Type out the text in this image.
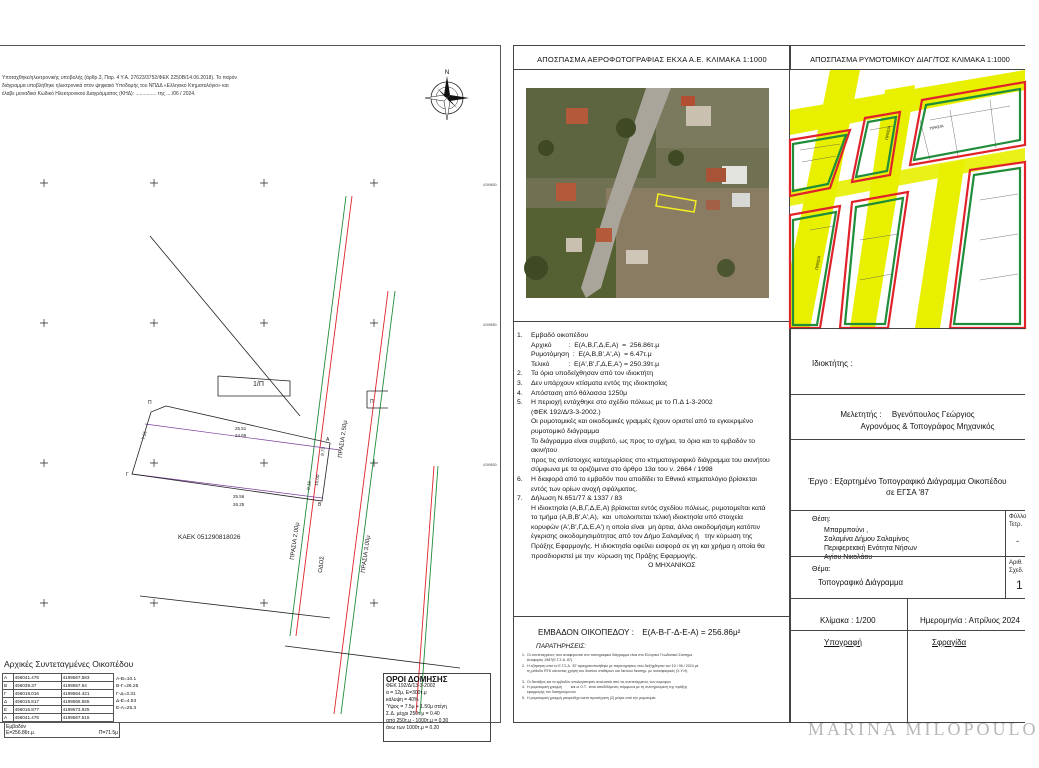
Υποταχθηκε/ηλεκτρονικής υποβολής (άρθρ.3, Παρ. 4 Υ.Α. 27623/3752/ΦΕΚ 2250Β/14.06.2018). Το παρόν
διάγραμμα υποβλήθηκε ηλεκτρονικά στον ψηφιακό Υποδομής του ΝΠΔΔ «Ελληνικό Κτηματολόγιο» και
έλαβε μοναδικό Κωδικό Ηλεκτρονικού Διαγράμματος (ΚΗΔ): ............... της ..../06 / 2024.
N
4199600
4199550
4199500
1/Π
ΚΑΕΚ 051290818026
ΟΔΟΣ
ΠΡΑΣΙΑ 2.00μ	ΠΡΑΣΙΑ 3.00μ
ΠΡΑΣΙΑ 2.50μ
25.51
24.69
25.56
26.25
9.16 10.00
9.75
7.51
Π
Γ
Α
Β
Π
Αρχικές Συντεταγμένες Οικοπέδου
A	456041.476	4199567.583
B	456039.37	4199557.64
Γ	456018.016	4199564.421
Δ	456015.817	4199565.555
E	456016.877	4199573.825
A	456041.476	4199567.515
Α-Β=10.1
Β-Γ=26.25
Γ-Δ=3.31
Δ-Ε=4.53
Ε-Α=25.3
Εμβαδόν
E=256.86τ.μ.	Π=71.5μ
ΟΡΟΙ ΔΟΜΗΣΗΣ
ΦΕΚ 192/Δ/13-3-2002
α = 12μ, Ε=300τ.μ
κάλυψη = 40%
Ύψος = 7.5μ + 1.50μ στέγη
Σ.Δ. μέχρι 250τ.μ = 0.40
από 250τ.μ - 1000τ.μ = 0.30
άνω των 1000τ.μ = 0.20
ΑΠΟΣΠΑΣΜΑ ΑΕΡΟΦΩΤΟΓΡΑΦΙΑΣ ΕΚΧΑ Α.Ε. ΚΛΙΜΑΚΑ 1:1000
1.	Εμβαδό οικοπέδου
Αρχικό         :  E(A,B,Γ,Δ,E,A)  =  256.86τ.μ
Ρυμοτόμηση  :  E(A,B,B',A',A)  = 6.47τ.μ
Τελικό          :  E(A',B',Γ,Δ,E,A') = 250.39τ.μ
2.	Τα όρια υποδείχθησαν από τον ιδιοκτήτη
3.	Δεν υπάρχουν κτίσματα εντός της ιδιοκτησίας
4.	Απόσταση από θάλασσα 1250μ
5.	Η περιοχή εντάχθηκε στο σχέδιο πόλεως με το Π.Δ 1-3-2002
(ΦΕΚ 192/Δ/3-3-2002.)
Οι ρυμοτομικές και οικοδομικές γραμμές έχουν οριστεί από το εγκεκριμένο
ρυμοτομικό διάγραμμα
Το διάγραμμα είναι συμβατό, ως προς το σχήμα, τα όρια και το εμβαδόν το
ακινήτου
προς τις αντίστοιχες καταχωρίσεις στο κτηματογραφικό διάγραμμα του ακινήτου
σύμφωνα με τα οριζόμενα στο άρθρο 13α του ν. 2664 / 1998
6.	Η διαφορά από το εμβαδόν που αποδίδει το Εθνικό κτηματολόγιο βρίσκεται
εντός των ορίων ανοχή σφάλματος.
7.	Δήλωση Ν.651/77 & 1337 / 83
Η ιδιοκτησία (A,B,Γ,Δ,E,A) βρίσκεται εντός σχεδίου πόλεως, ρυμοτομείται κατά
το τμήμα (A,B,B',A',A),  και  υπολοιπεται τελική ιδιοκτησία υπό στοιχεία
κορυφών (A',B',Γ,Δ,E,A') η οποία είναι  μη άρτια, άλλα οικοδομήσιμη κατόπιν
έγκρισης οικοδομησιμότητας από τον Δήμο Σαλαμίνας ή   την κύρωση της
Πράξης Εφαρμογής. Η ιδιοκτησία οφείλει εισφορά σε γη και χρήμα η οποία θα
προσδιοριστεί με την  κύρωση της Πράξης Εφαρμογής.
Ο ΜΗΧΑΝΙΚΟΣ
ΕΜΒΑΔΟΝ ΟΙΚΟΠΕΔΟΥ : E(Α-Β-Γ-Δ-Ε-Α) = 256.86μ²
ΠΑΡΑΤΗΡΗΣΕΙΣ:
1.  Οι συντεταγμένες που αναφέρονται στο τοπογραφικό διάγραμμα είναι στο Ελληνικό Γεωδαιτικό Σύστημα
Αναφοράς 1987(Ε.Γ.Σ.Α. 87).
2.  Η εξάρτηση από το Ε.Γ.Σ.Α. '87 πραγματοποιήθηκε με παρατηρήσεις που διεξήχθησαν τον 10 / 06 / 2024 με
τη μέθοδο RTK κάνοντας χρήση του δικτύου σταθερών και δικτύου διαστημ. με ιονοσφαιρικές (Χ.Υ.Η).
3.  Οι διατάξεις και το εμβαδόν υπολογίστηκαν αναλυτικά από τις συντεταγμένες των κορυφών
4.  Η ρυμοτομική γραμμή         και οι Ο.Τ.  είναι αποδιδόμενες σύμφωνα με τη συντηρούμενη της πράξης
εφαρμογής του διατηρούμενου
5.  Η ρυμοτομική γραμμή μπορεί/έχει κατά προσέγγιση (2) μέτρα από την ρυμοτομία
ΑΠΟΣΠΑΣΜΑ ΡΥΜΟΤΟΜΙΚΟΥ ΔΙΑΓ/ΤΟΣ ΚΛΙΜΑΚΑ 1:1000
ΠΡΑΣΙΑ
ΠΡΑΣΙΑ
ΠΡΑΣΙΑ
Ιδιοκτήτης :
Μελετητής : Βγενόπουλος Γεώργιος
Αγρονόμος & Τοπογράφος Μηχανικός
Έργο : Εξαρτημένο Τοπογραφικό Διάγραμμα Οικοπέδου
σε ΕΓΣΑ '87
Θέση:
Μπαρμπούνι ,
Σαλαμίνα Δήμου Σαλαμίνος
Περιφερειακή Ενότητα Νήσων
Αγίου Νικολάου
Φύλλο
Τετρ.
-
Θέμα:
Τοπογραφικό Διάγραμμα
Αριθ.
Σχεδ.
1
Κλίμακα : 1/200	Ημερομηνία : Απρίλιος 2024
Υπογραφή	Σφραγίδα
MARINA MILOPOULO
